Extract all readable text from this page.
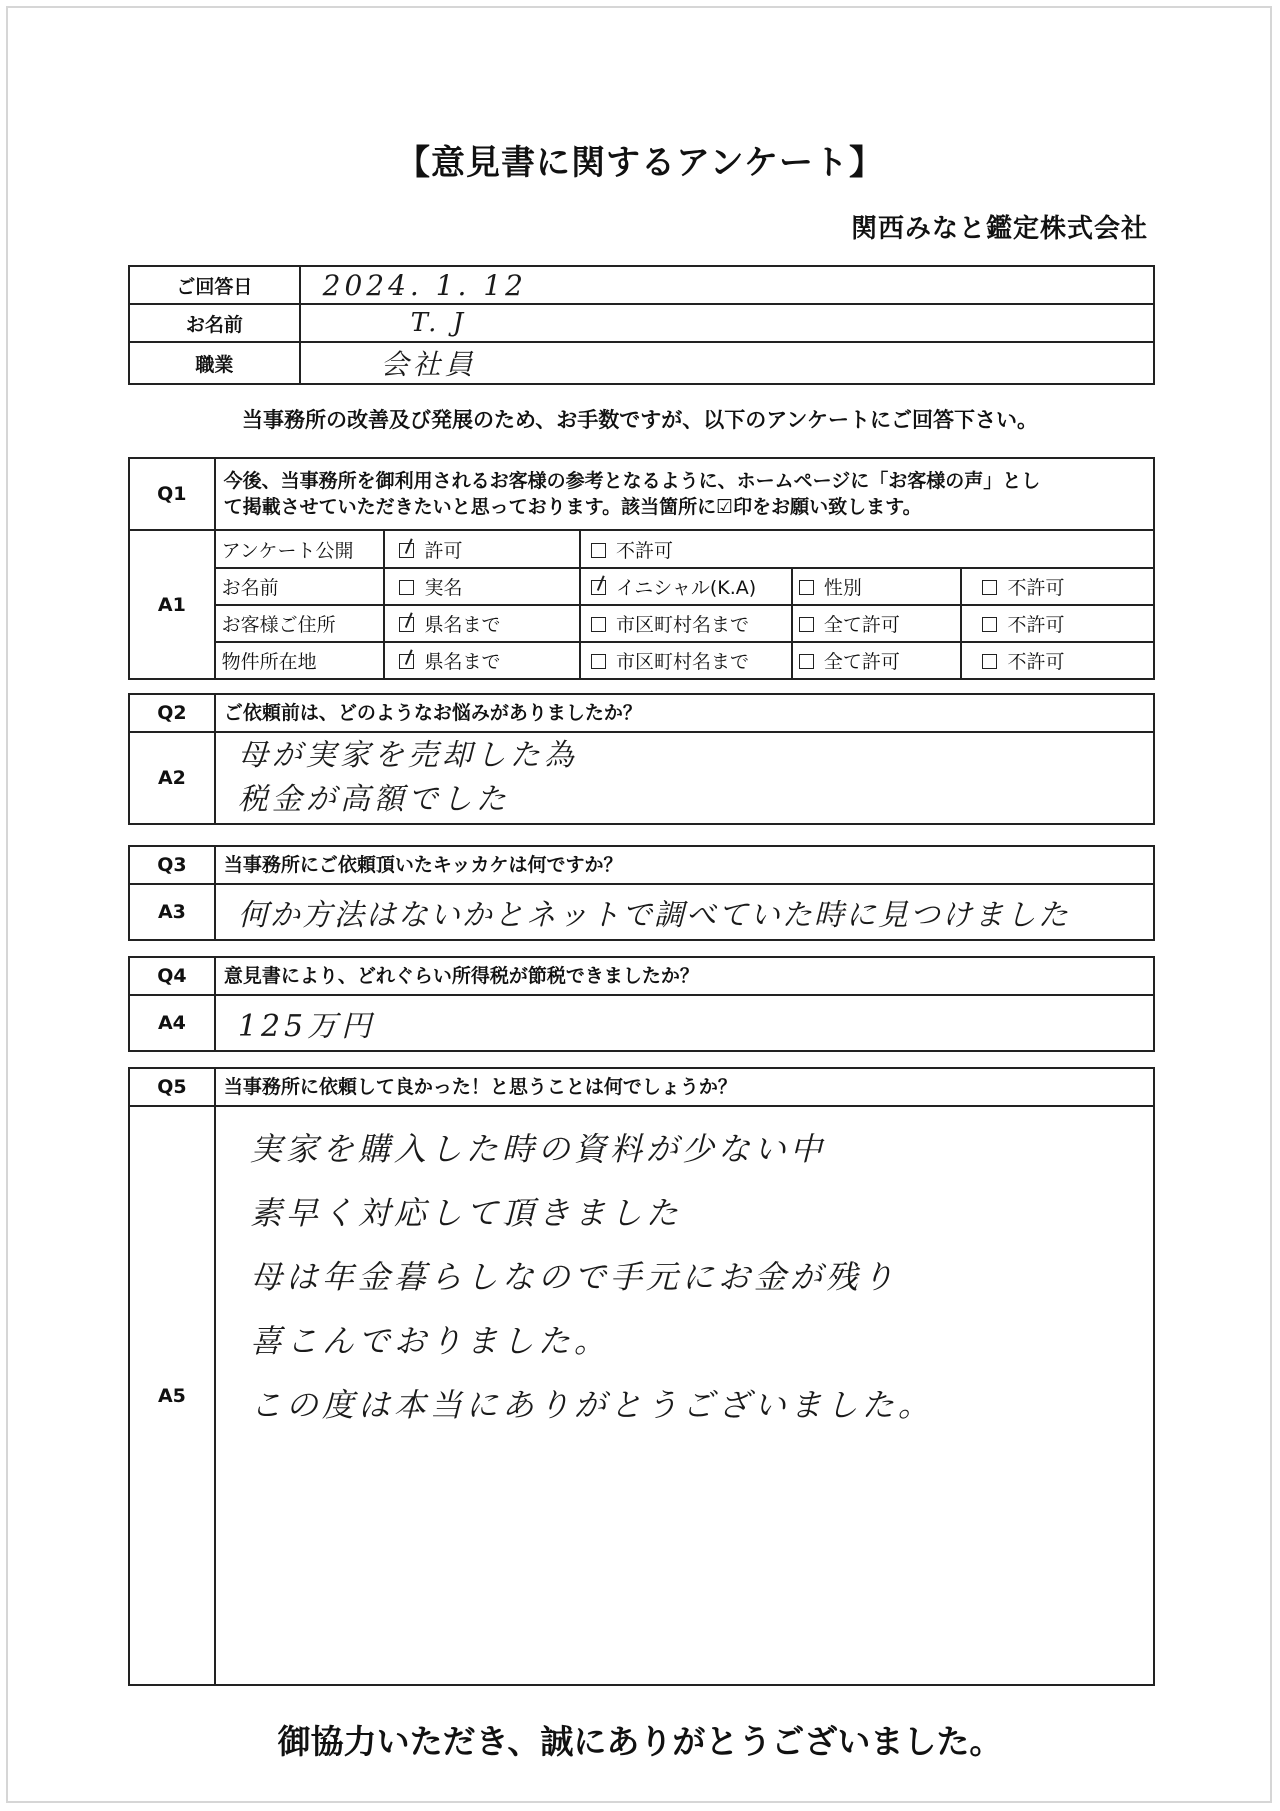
【意見書に関するアンケート】
関西みなと鑑定株式会社
ご回答日	2024. 1. 12
お名前	T. J
職業	会社員
当事務所の改善及び発展のため、お手数ですが、以下のアンケートにご回答下さい。
Q1	今後、当事務所を御利用されるお客様の参考となるように、ホームページに「お客様の声」とし
て掲載させていただきたいと思っております。該当箇所に☑印をお願い致します。				

A1	アンケート公開	許可	不許可		
	お名前	実名	イニシャル(K.A)	性別	不許可
	お客様ご住所	県名まで	市区町村名まで	全て許可	不許可
	物件所在地	県名まで	市区町村名まで	全て許可	不許可
Q2	ご依頼前は、どのようなお悩みがありましたか？
A2	母が実家を売却した為
税金が高額でした
Q3	当事務所にご依頼頂いたキッカケは何ですか？
A3	何か方法はないかとネットで調べていた時に見つけました
Q4	意見書により、どれぐらい所得税が節税できましたか？
A4	125万円
Q5	当事務所に依頼して良かった！と思うことは何でしょうか？
A5	実家を購入した時の資料が少ない中
素早く対応して頂きました
母は年金暮らしなので手元にお金が残り
喜こんでおりました。
この度は本当にありがとうございました。
御協力いただき、誠にありがとうございました。
